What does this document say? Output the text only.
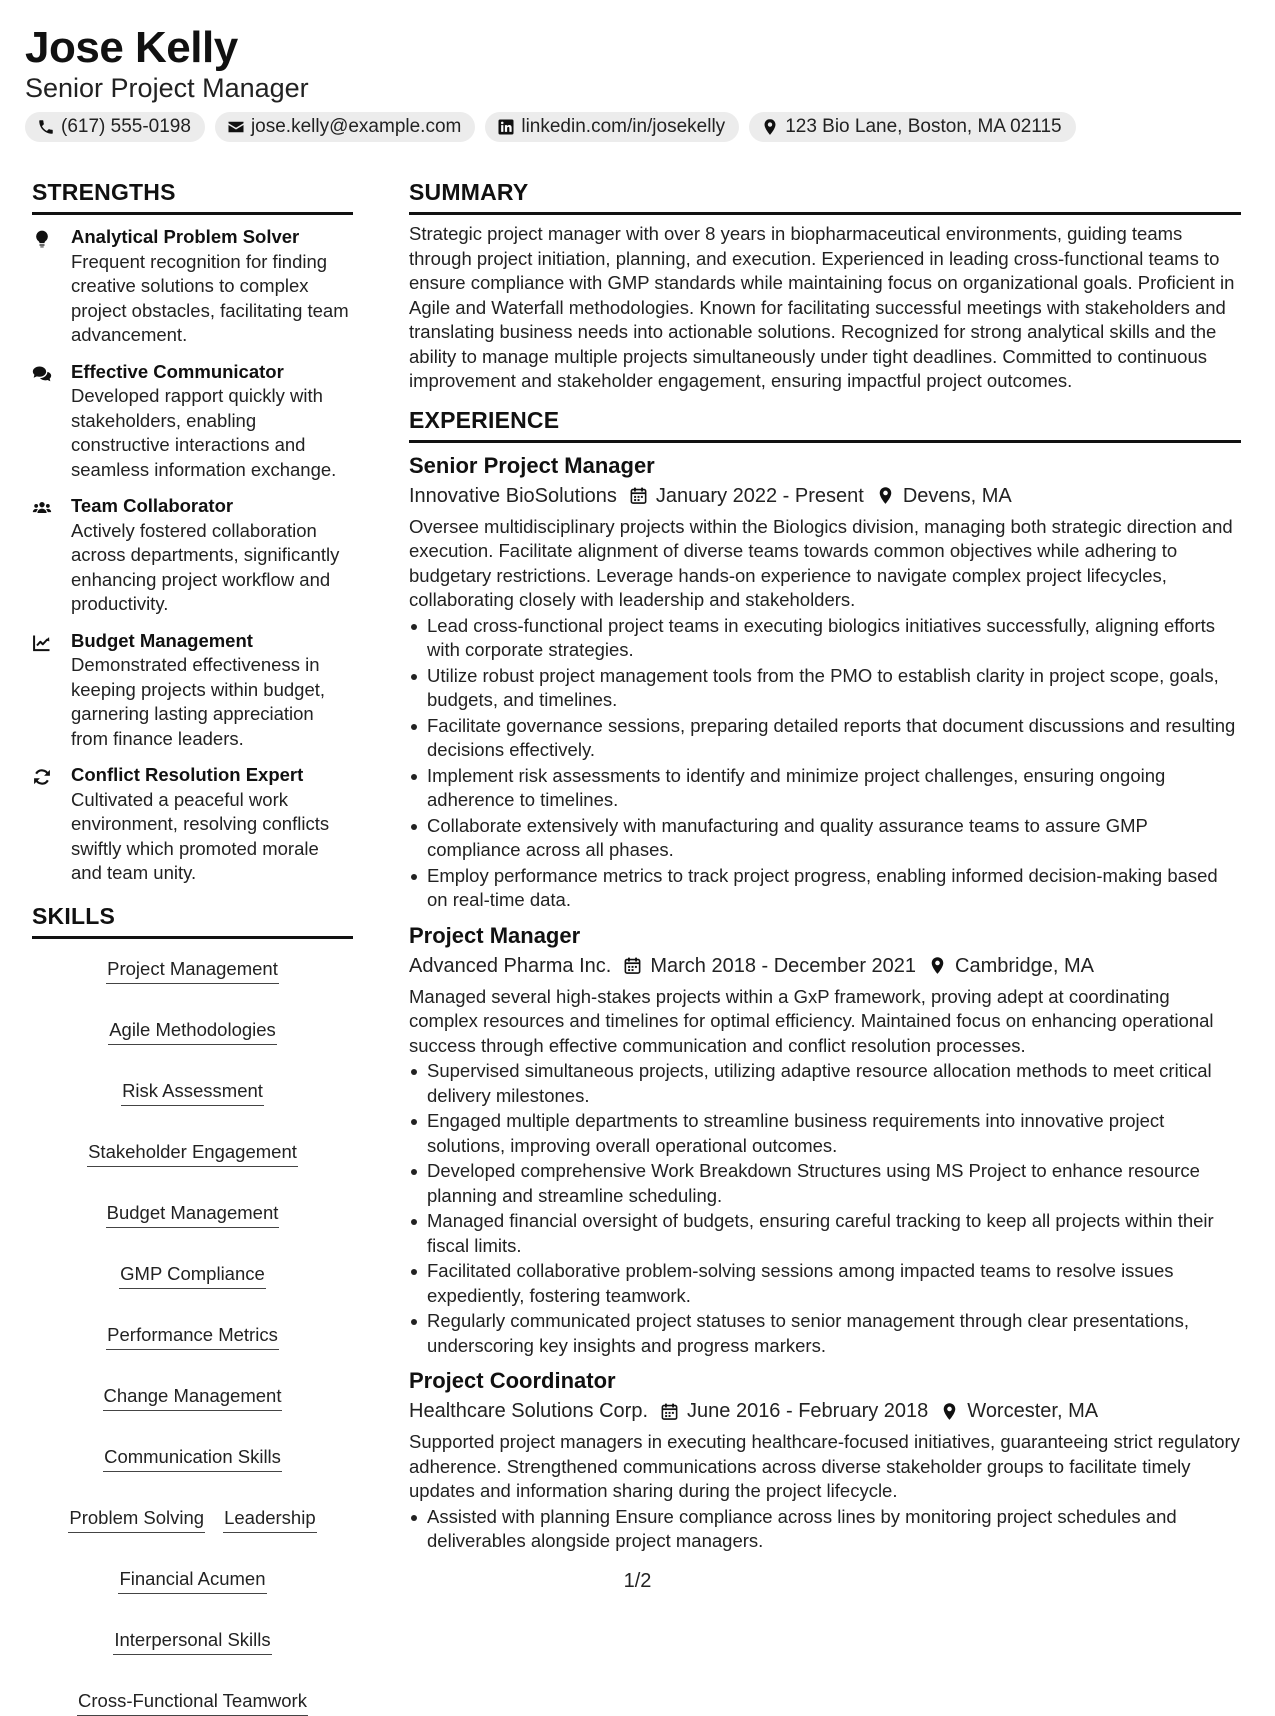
Jose Kelly
Senior Project Manager
(617) 555-0198	jose.kelly@example.com	linkedin.com/in/josekelly	123 Bio Lane, Boston, MA 02115
STRENGTHS
Analytical Problem Solver
Frequent recognition for finding creative solutions to complex project obstacles, facilitating team advancement.
Effective Communicator
Developed rapport quickly with stakeholders, enabling constructive interactions and seamless information exchange.
Team Collaborator
Actively fostered collaboration across departments, significantly enhancing project workflow and productivity.
Budget Management
Demonstrated effectiveness in keeping projects within budget, garnering lasting appreciation from finance leaders.
Conflict Resolution Expert
Cultivated a peaceful work environment, resolving conflicts swiftly which promoted morale and team unity.
SKILLS
Project Management
Agile Methodologies
Risk Assessment
Stakeholder Engagement
Budget Management
GMP Compliance
Performance Metrics
Change Management
Communication Skills
Problem Solving Leadership
Financial Acumen
Interpersonal Skills
Cross-Functional Teamwork
SUMMARY
Strategic project manager with over 8 years in biopharmaceutical environments, guiding teams through project initiation, planning, and execution. Experienced in leading cross-functional teams to ensure compliance with GMP standards while maintaining focus on organizational goals. Proficient in Agile and Waterfall methodologies. Known for facilitating successful meetings with stakeholders and translating business needs into actionable solutions. Recognized for strong analytical skills and the ability to manage multiple projects simultaneously under tight deadlines. Committed to continuous improvement and stakeholder engagement, ensuring impactful project outcomes.
EXPERIENCE
Senior Project Manager
Innovative BioSolutions January 2022 - Present Devens, MA
Oversee multidisciplinary projects within the Biologics division, managing both strategic direction and execution. Facilitate alignment of diverse teams towards common objectives while adhering to budgetary restrictions. Leverage hands-on experience to navigate complex project lifecycles, collaborating closely with leadership and stakeholders.
Lead cross-functional project teams in executing biologics initiatives successfully, aligning efforts with corporate strategies.
Utilize robust project management tools from the PMO to establish clarity in project scope, goals, budgets, and timelines.
Facilitate governance sessions, preparing detailed reports that document discussions and resulting decisions effectively.
Implement risk assessments to identify and minimize project challenges, ensuring ongoing adherence to timelines.
Collaborate extensively with manufacturing and quality assurance teams to assure GMP compliance across all phases.
Employ performance metrics to track project progress, enabling informed decision-making based on real-time data.
Project Manager
Advanced Pharma Inc. March 2018 - December 2021 Cambridge, MA
Managed several high-stakes projects within a GxP framework, proving adept at coordinating complex resources and timelines for optimal efficiency. Maintained focus on enhancing operational success through effective communication and conflict resolution processes.
Supervised simultaneous projects, utilizing adaptive resource allocation methods to meet critical delivery milestones.
Engaged multiple departments to streamline business requirements into innovative project solutions, improving overall operational outcomes.
Developed comprehensive Work Breakdown Structures using MS Project to enhance resource planning and streamline scheduling.
Managed financial oversight of budgets, ensuring careful tracking to keep all projects within their fiscal limits.
Facilitated collaborative problem-solving sessions among impacted teams to resolve issues expediently, fostering teamwork.
Regularly communicated project statuses to senior management through clear presentations, underscoring key insights and progress markers.
Project Coordinator
Healthcare Solutions Corp. June 2016 - February 2018 Worcester, MA
Supported project managers in executing healthcare-focused initiatives, guaranteeing strict regulatory adherence. Strengthened communications across diverse stakeholder groups to facilitate timely updates and information sharing during the project lifecycle.
Assisted with planning Ensure compliance across lines by monitoring project schedules and deliverables alongside project managers.
1/2
